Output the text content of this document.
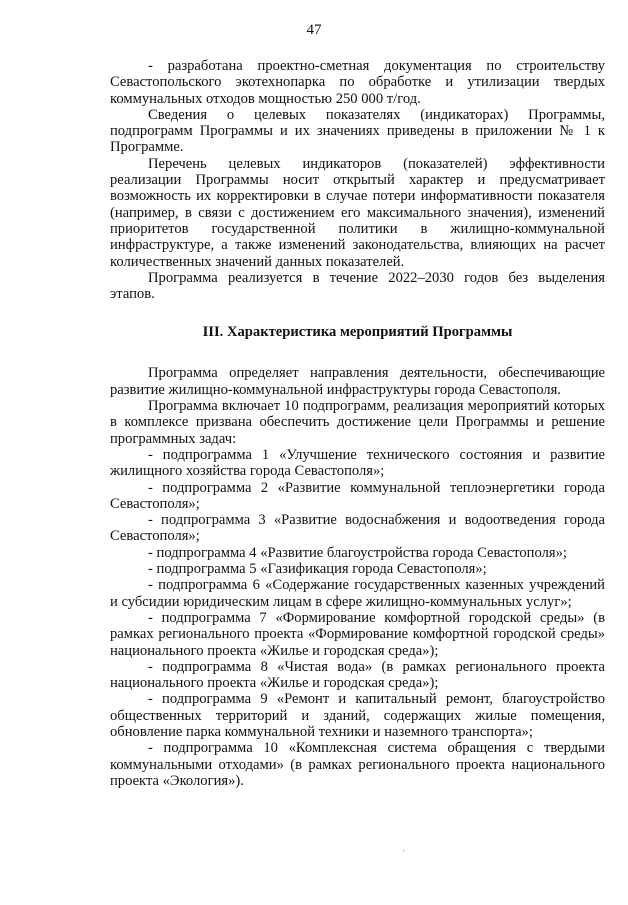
47

- разработана проектно-сметная документация по строительству Севастопольского экотехнопарка по обработке и утилизации твердых коммунальных отходов мощностью 250 000 т/год.

Сведения о целевых показателях (индикаторах) Программы, подпрограмм Программы и их значениях приведены в приложении № 1 к Программе.

Перечень целевых индикаторов (показателей) эффективности реализации Программы носит открытый характер и предусматривает возможность их корректировки в случае потери информативности показателя (например, в связи с достижением его максимального значения), изменений приоритетов государственной политики в жилищно-коммунальной инфраструктуре, а также изменений законодательства, влияющих на расчет количественных значений данных показателей.

Программа реализуется в течение 2022–2030 годов без выделения этапов.

III. Характеристика мероприятий Программы

Программа определяет направления деятельности, обеспечивающие развитие жилищно-коммунальной инфраструктуры города Севастополя.

Программа включает 10 подпрограмм, реализация мероприятий которых в комплексе призвана обеспечить достижение цели Программы и решение программных задач:

- подпрограмма 1 «Улучшение технического состояния и развитие жилищного хозяйства города Севастополя»;

- подпрограмма 2 «Развитие коммунальной теплоэнергетики города Севастополя»;

- подпрограмма 3 «Развитие водоснабжения и водоотведения города Севастополя»;

- подпрограмма 4 «Развитие благоустройства города Севастополя»;

- подпрограмма 5 «Газификация города Севастополя»;

- подпрограмма 6 «Содержание государственных казенных учреждений и субсидии юридическим лицам в сфере жилищно-коммунальных услуг»;

- подпрограмма 7 «Формирование комфортной городской среды» (в рамках регионального проекта «Формирование комфортной городской среды» национального проекта «Жилье и городская среда»);

- подпрограмма 8 «Чистая вода» (в рамках регионального проекта национального проекта «Жилье и городская среда»);

- подпрограмма 9 «Ремонт и капитальный ремонт, благоустройство общественных территорий и зданий, содержащих жилые помещения, обновление парка коммунальной техники и наземного транспорта»;

- подпрограмма 10 «Комплексная система обращения с твердыми коммунальными отходами» (в рамках регионального проекта национального проекта «Экология»).

'
